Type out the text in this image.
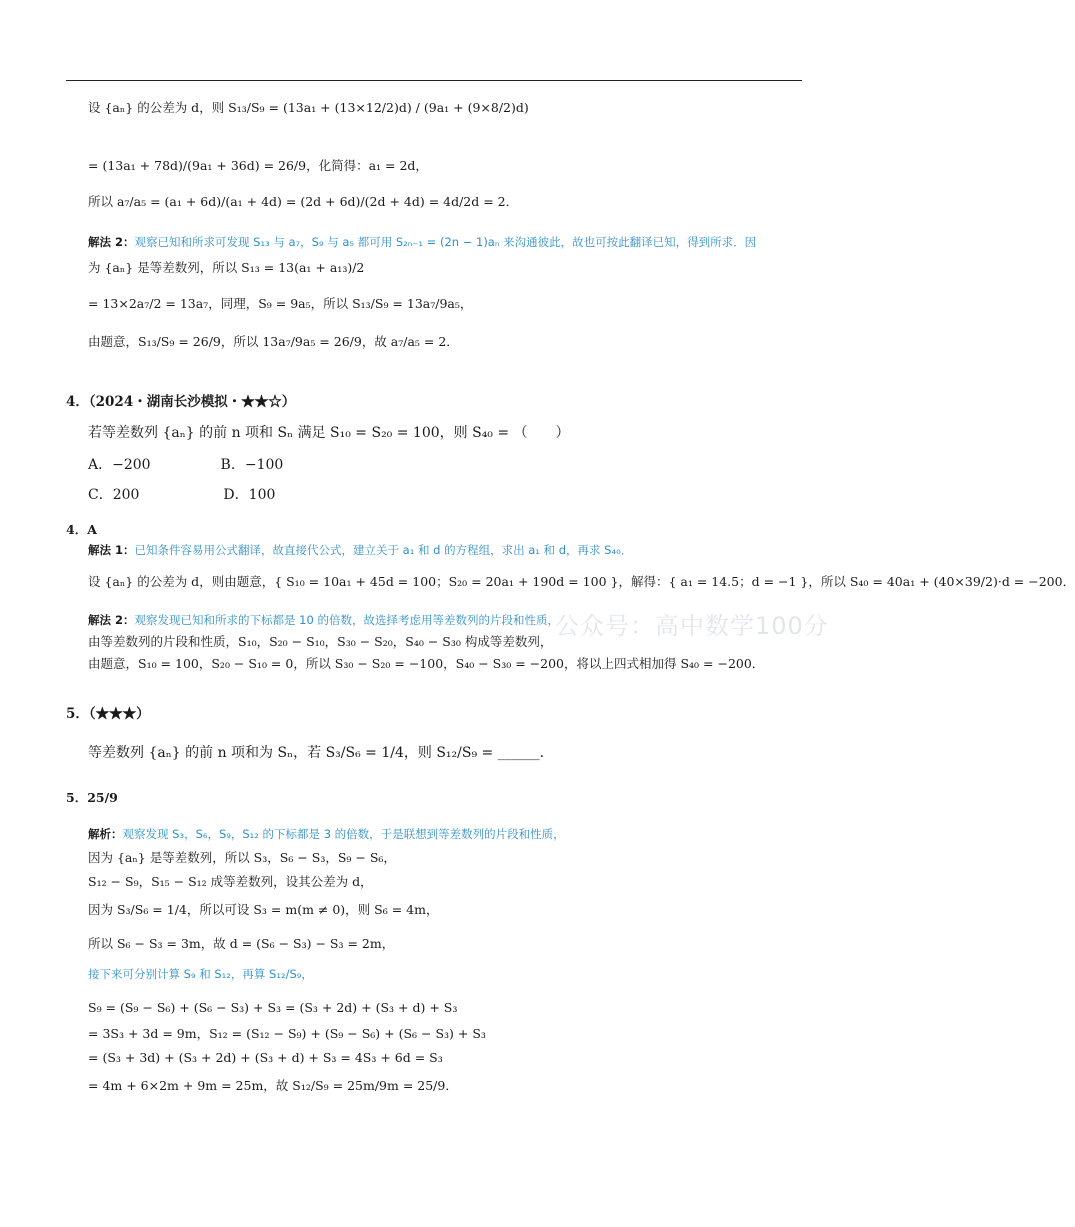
设 {aₙ} 的公差为 d，则 S₁₃/S₉ = (13a₁ + (13×12/2)d) / (9a₁ + (9×8/2)d)
= (13a₁ + 78d)/(9a₁ + 36d) = 26/9，化简得：a₁ = 2d，
所以 a₇/a₅ = (a₁ + 6d)/(a₁ + 4d) = (2d + 6d)/(2d + 4d) = 4d/2d = 2．
解法 2：观察已知和所求可发现 S₁₃ 与 a₇，S₉ 与 a₅ 都可用 S₂ₙ₋₁ = (2n − 1)aₙ 来沟通彼此，故也可按此翻译已知，得到所求．因
为 {aₙ} 是等差数列，所以 S₁₃ = 13(a₁ + a₁₃)/2
= 13×2a₇/2 = 13a₇，同理，S₉ = 9a₅，所以 S₁₃/S₉ = 13a₇/9a₅，
由题意，S₁₃/S₉ = 26/9，所以 13a₇/9a₅ = 26/9，故 a₇/a₅ = 2．
4．（2024・湖南长沙模拟・★★☆）
若等差数列 {aₙ} 的前 n 项和 Sₙ 满足 S₁₀ = S₂₀ = 100，则 S₄₀ = （　　）
A．−200　　　　　B．−100
C．200　　　　　　D．100
4．A
解法 1：已知条件容易用公式翻译，故直接代公式，建立关于 a₁ 和 d 的方程组，求出 a₁ 和 d，再求 S₄₀．
设 {aₙ} 的公差为 d，则由题意，{ S₁₀ = 10a₁ + 45d = 100；S₂₀ = 20a₁ + 190d = 100 }，解得：{ a₁ = 14.5；d = −1 }，所以 S₄₀ = 40a₁ + (40×39/2)·d = −200．
解法 2：观察发现已知和所求的下标都是 10 的倍数，故选择考虑用等差数列的片段和性质，
由等差数列的片段和性质，S₁₀，S₂₀ − S₁₀，S₃₀ − S₂₀，S₄₀ − S₃₀ 构成等差数列，
由题意，S₁₀ = 100，S₂₀ − S₁₀ = 0，所以 S₃₀ − S₂₀ = −100，S₄₀ − S₃₀ = −200，将以上四式相加得 S₄₀ = −200．
5．（★★★）
等差数列 {aₙ} 的前 n 项和为 Sₙ，若 S₃/S₆ = 1/4，则 S₁₂/S₉ = ______．
5．25/9
解析：观察发现 S₃，S₆，S₉，S₁₂ 的下标都是 3 的倍数，于是联想到等差数列的片段和性质，
因为 {aₙ} 是等差数列，所以 S₃，S₆ − S₃，S₉ − S₆，
S₁₂ − S₉，S₁₅ − S₁₂ 成等差数列，设其公差为 d，
因为 S₃/S₆ = 1/4，所以可设 S₃ = m(m ≠ 0)，则 S₆ = 4m，
所以 S₆ − S₃ = 3m，故 d = (S₆ − S₃) − S₃ = 2m，
接下来可分别计算 S₉ 和 S₁₂，再算 S₁₂/S₉，
S₉ = (S₉ − S₆) + (S₆ − S₃) + S₃ = (S₃ + 2d) + (S₃ + d) + S₃
= 3S₃ + 3d = 9m，S₁₂ = (S₁₂ − S₉) + (S₉ − S₆) + (S₆ − S₃) + S₃
= (S₃ + 3d) + (S₃ + 2d) + (S₃ + d) + S₃ = 4S₃ + 6d = S₃
= 4m + 6×2m + 9m = 25m，故 S₁₂/S₉ = 25m/9m = 25/9．
公众号：高中数学100分
